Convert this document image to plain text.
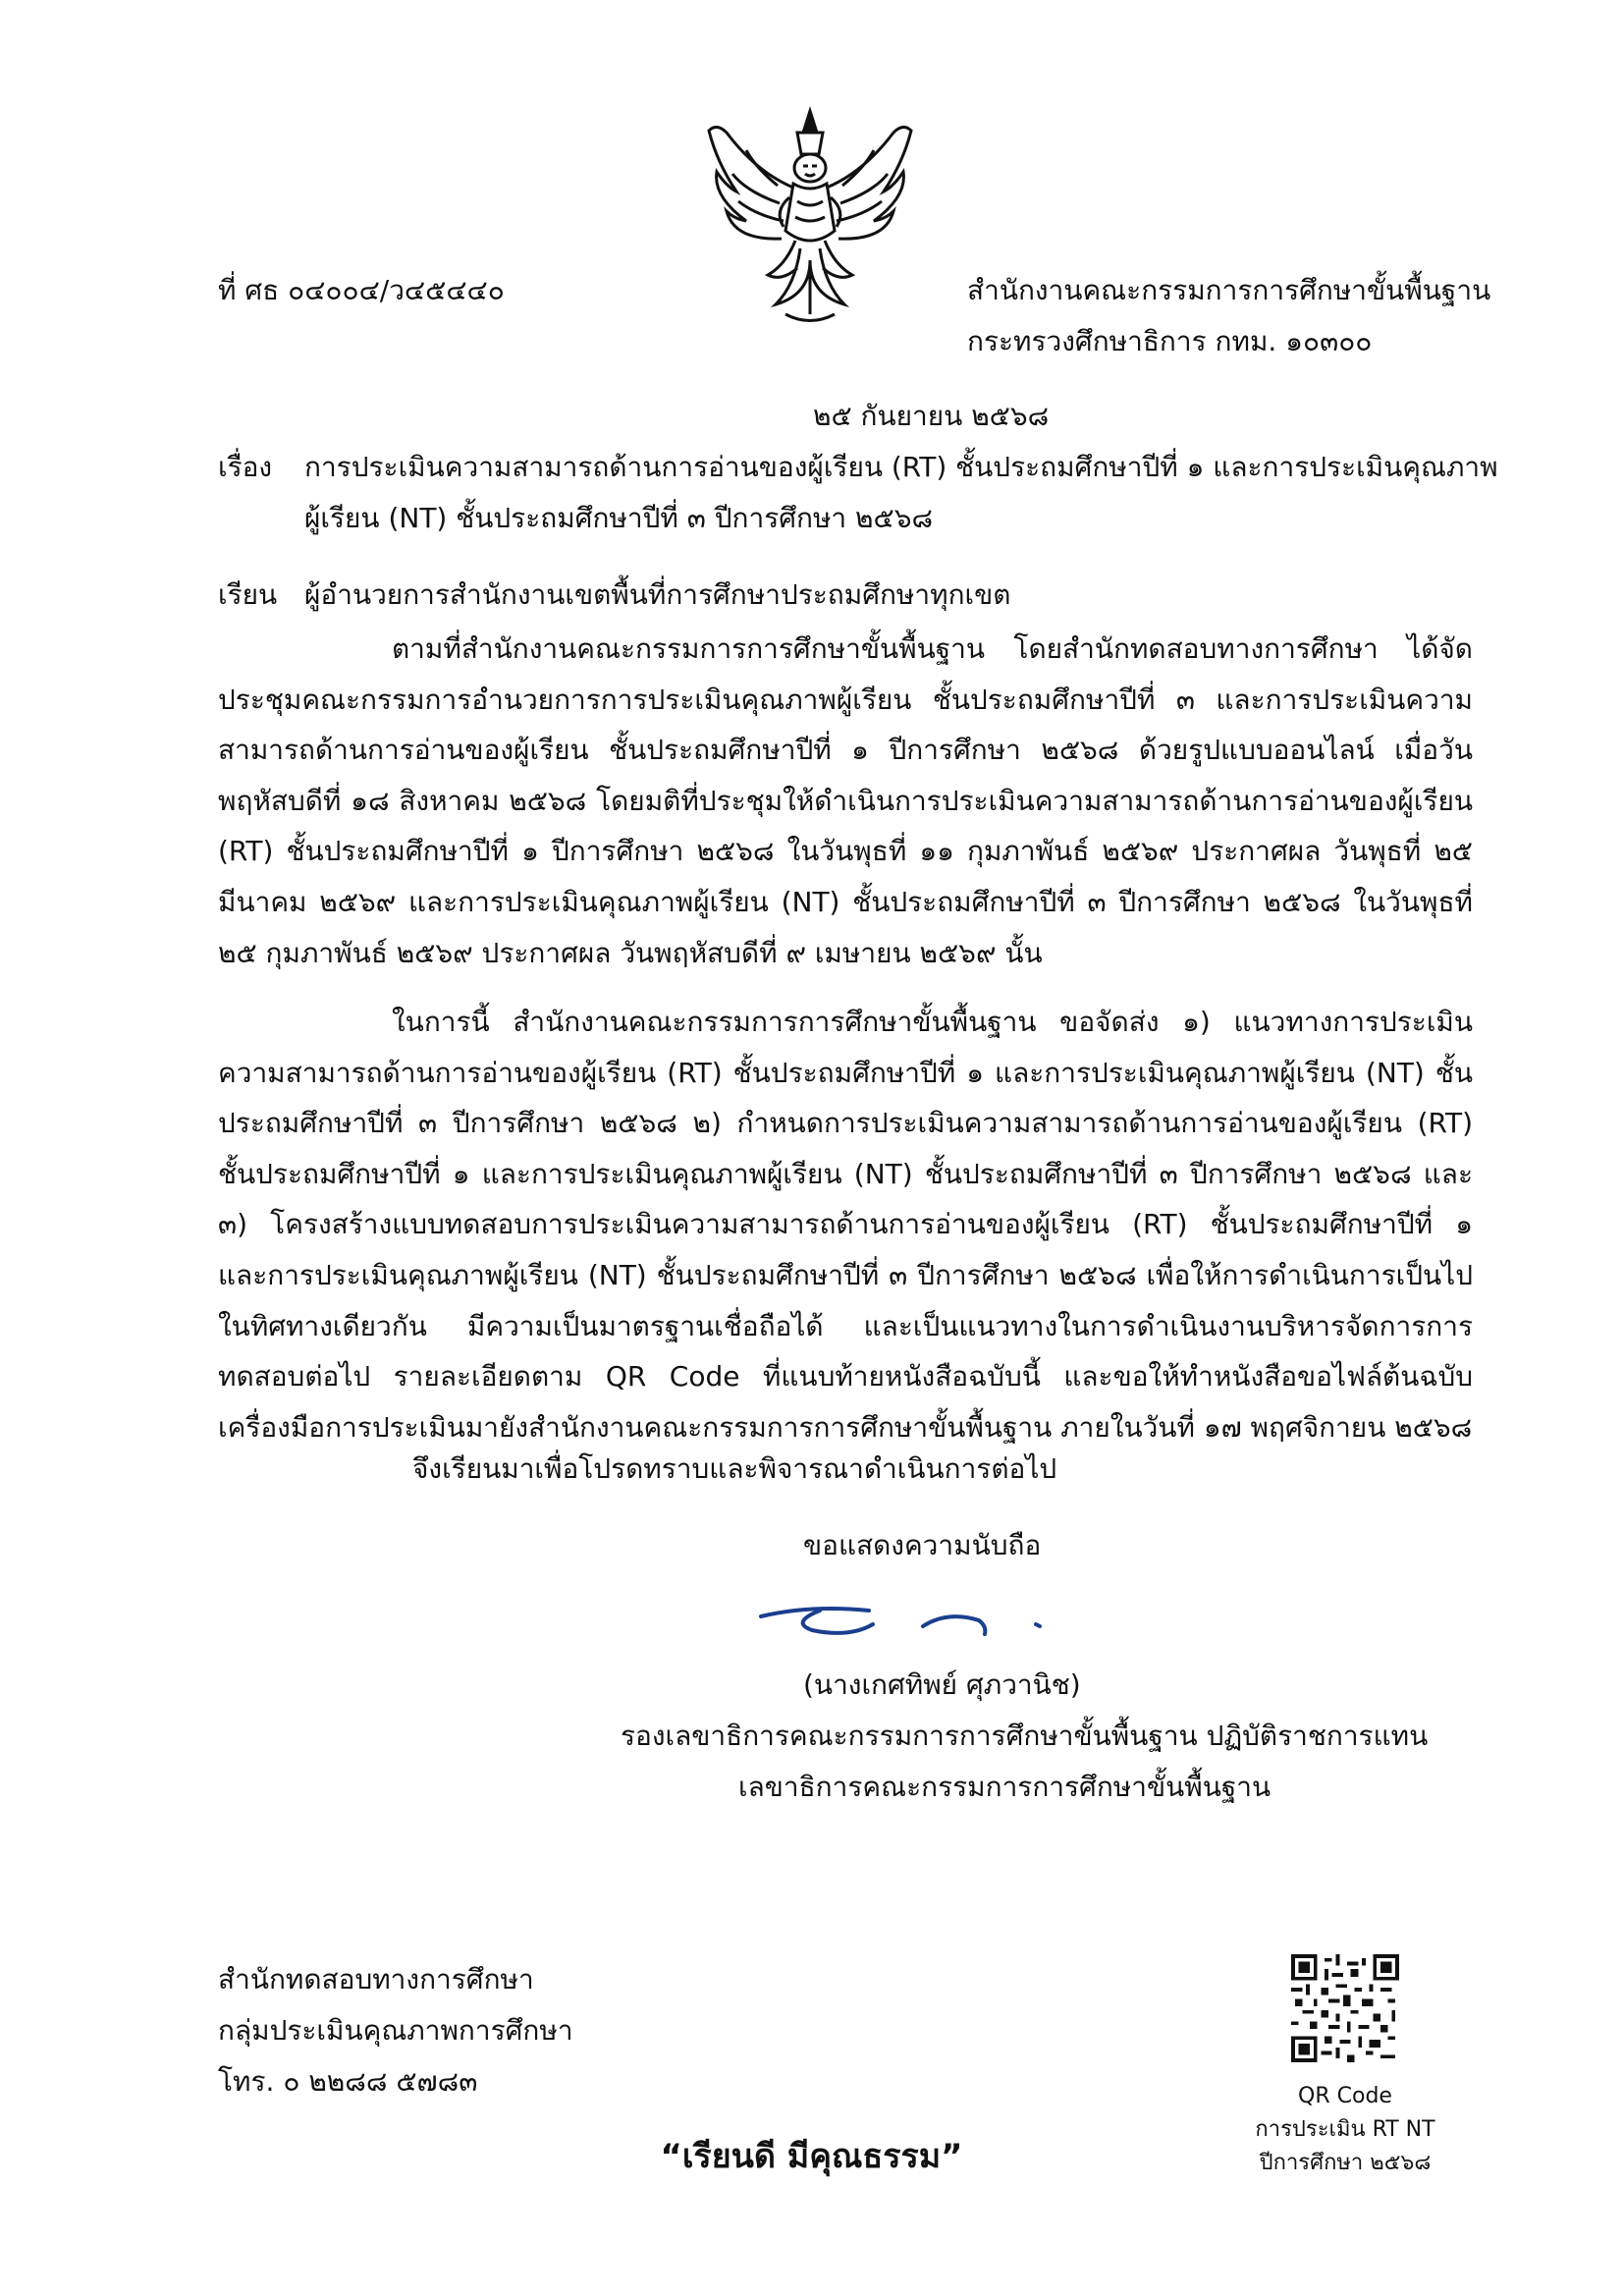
ที่ ศธ ๐๔๐๐๔/ว๔๕๔๔๐	สำนักงานคณะกรรมการการศึกษาขั้นพื้นฐาน
กระทรวงศึกษาธิการ กทม. ๑๐๓๐๐
๒๕ กันยายน ๒๕๖๘
เรื่อง การประเมินความสามารถด้านการอ่านของผู้เรียน (RT) ชั้นประถมศึกษาปีที่ ๑ และการประเมินคุณภาพ
ผู้เรียน (NT) ชั้นประถมศึกษาปีที่ ๓ ปีการศึกษา ๒๕๖๘
เรียน ผู้อำนวยการสำนักงานเขตพื้นที่การศึกษาประถมศึกษาทุกเขต

ตามที่สำนักงานคณะกรรมการการศึกษาขั้นพื้นฐาน โดยสำนักทดสอบทางการศึกษา ได้จัดประชุมคณะกรรมการอำนวยการการประเมินคุณภาพผู้เรียน ชั้นประถมศึกษาปีที่ ๓ และการประเมินความสามารถด้านการอ่านของผู้เรียน ชั้นประถมศึกษาปีที่ ๑ ปีการศึกษา ๒๕๖๘ ด้วยรูปแบบออนไลน์ เมื่อวันพฤหัสบดีที่ ๑๘ สิงหาคม ๒๕๖๘ โดยมติที่ประชุมให้ดำเนินการประเมินความสามารถด้านการอ่านของผู้เรียน (RT) ชั้นประถมศึกษาปีที่ ๑ ปีการศึกษา ๒๕๖๘ ในวันพุธที่ ๑๑ กุมภาพันธ์ ๒๕๖๙ ประกาศผล วันพุธที่ ๒๕ มีนาคม ๒๕๖๙ และการประเมินคุณภาพผู้เรียน (NT) ชั้นประถมศึกษาปีที่ ๓ ปีการศึกษา ๒๕๖๘ ในวันพุธที่ ๒๕ กุมภาพันธ์ ๒๕๖๙ ประกาศผล วันพฤหัสบดีที่ ๙ เมษายน ๒๕๖๙ นั้น

ในการนี้ สำนักงานคณะกรรมการการศึกษาขั้นพื้นฐาน ขอจัดส่ง ๑) แนวทางการประเมินความสามารถด้านการอ่านของผู้เรียน (RT) ชั้นประถมศึกษาปีที่ ๑ และการประเมินคุณภาพผู้เรียน (NT) ชั้นประถมศึกษาปีที่ ๓ ปีการศึกษา ๒๕๖๘ ๒) กำหนดการประเมินความสามารถด้านการอ่านของผู้เรียน (RT) ชั้นประถมศึกษาปีที่ ๑ และการประเมินคุณภาพผู้เรียน (NT) ชั้นประถมศึกษาปีที่ ๓ ปีการศึกษา ๒๕๖๘ และ ๓) โครงสร้างแบบทดสอบการประเมินความสามารถด้านการอ่านของผู้เรียน (RT) ชั้นประถมศึกษาปีที่ ๑ และการประเมินคุณภาพผู้เรียน (NT) ชั้นประถมศึกษาปีที่ ๓ ปีการศึกษา ๒๕๖๘ เพื่อให้การดำเนินการเป็นไปในทิศทางเดียวกัน มีความเป็นมาตรฐานเชื่อถือได้ และเป็นแนวทางในการดำเนินงานบริหารจัดการการทดสอบต่อไป รายละเอียดตาม QR Code ที่แนบท้ายหนังสือฉบับนี้ และขอให้ทำหนังสือขอไฟล์ต้นฉบับเครื่องมือการประเมินมายังสำนักงานคณะกรรมการการศึกษาขั้นพื้นฐาน ภายในวันที่ ๑๗ พฤศจิกายน ๒๕๖๘

จึงเรียนมาเพื่อโปรดทราบและพิจารณาดำเนินการต่อไป
ขอแสดงความนับถือ
(นางเกศทิพย์ ศุภวานิช)
รองเลขาธิการคณะกรรมการการศึกษาขั้นพื้นฐาน ปฏิบัติราชการแทน
เลขาธิการคณะกรรมการการศึกษาขั้นพื้นฐาน
สำนักทดสอบทางการศึกษา
กลุ่มประเมินคุณภาพการศึกษา
โทร. ๐ ๒๒๘๘ ๕๗๘๓	QR Code
การประเมิน RT NT
ปีการศึกษา ๒๕๖๘
“เรียนดี มีคุณธรรม”
